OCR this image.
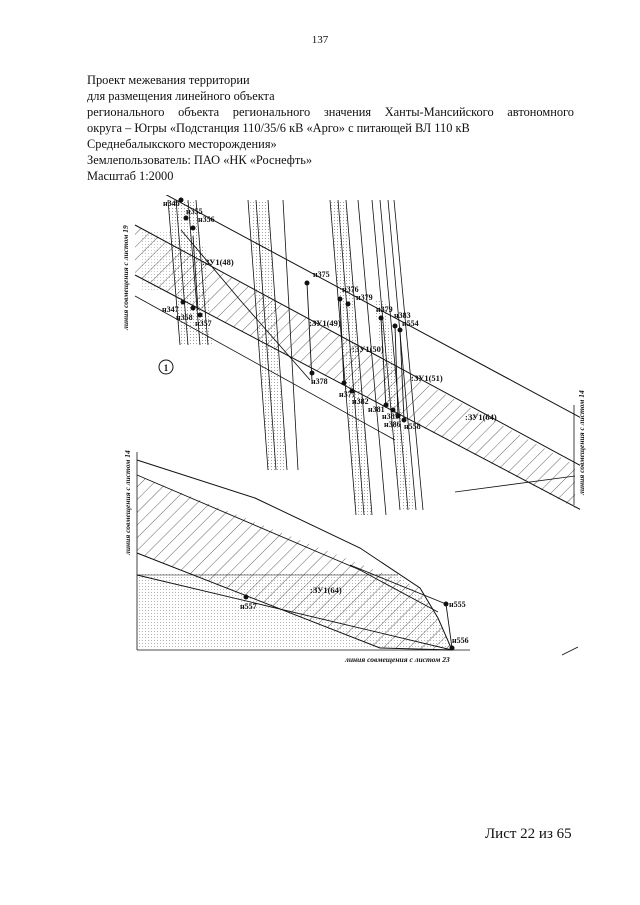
137
Проект межевания территории
для размещения линейного объекта
регионального объекта регионального значения Ханты-Мансийского автономного
округа – Югры «Подстанция 110/35/6 кВ «Арго» с питающей ВЛ 110 кВ
Среднебалыкского месторождения»
Землепользователь: ПАО «НК «Роснефть»
Масштаб 1:2000
н346
н355
н356
н347
н358
н357
н375
н376
н379
н379
н383
н554
н378
н377
н382
н381
н387
н386 н558
:ЗУ1(48)
:ЗУ1(49)
:ЗУ1(50)
:ЗУ1(51)
:ЗУ1(64)
1
линия совмещения с листом 19
линия совмещения с листом 14
н557	н555
н556
:ЗУ1(64)
линия совмещения с листом 14
линия совмещения с листом 23
Лист 22 из 65
